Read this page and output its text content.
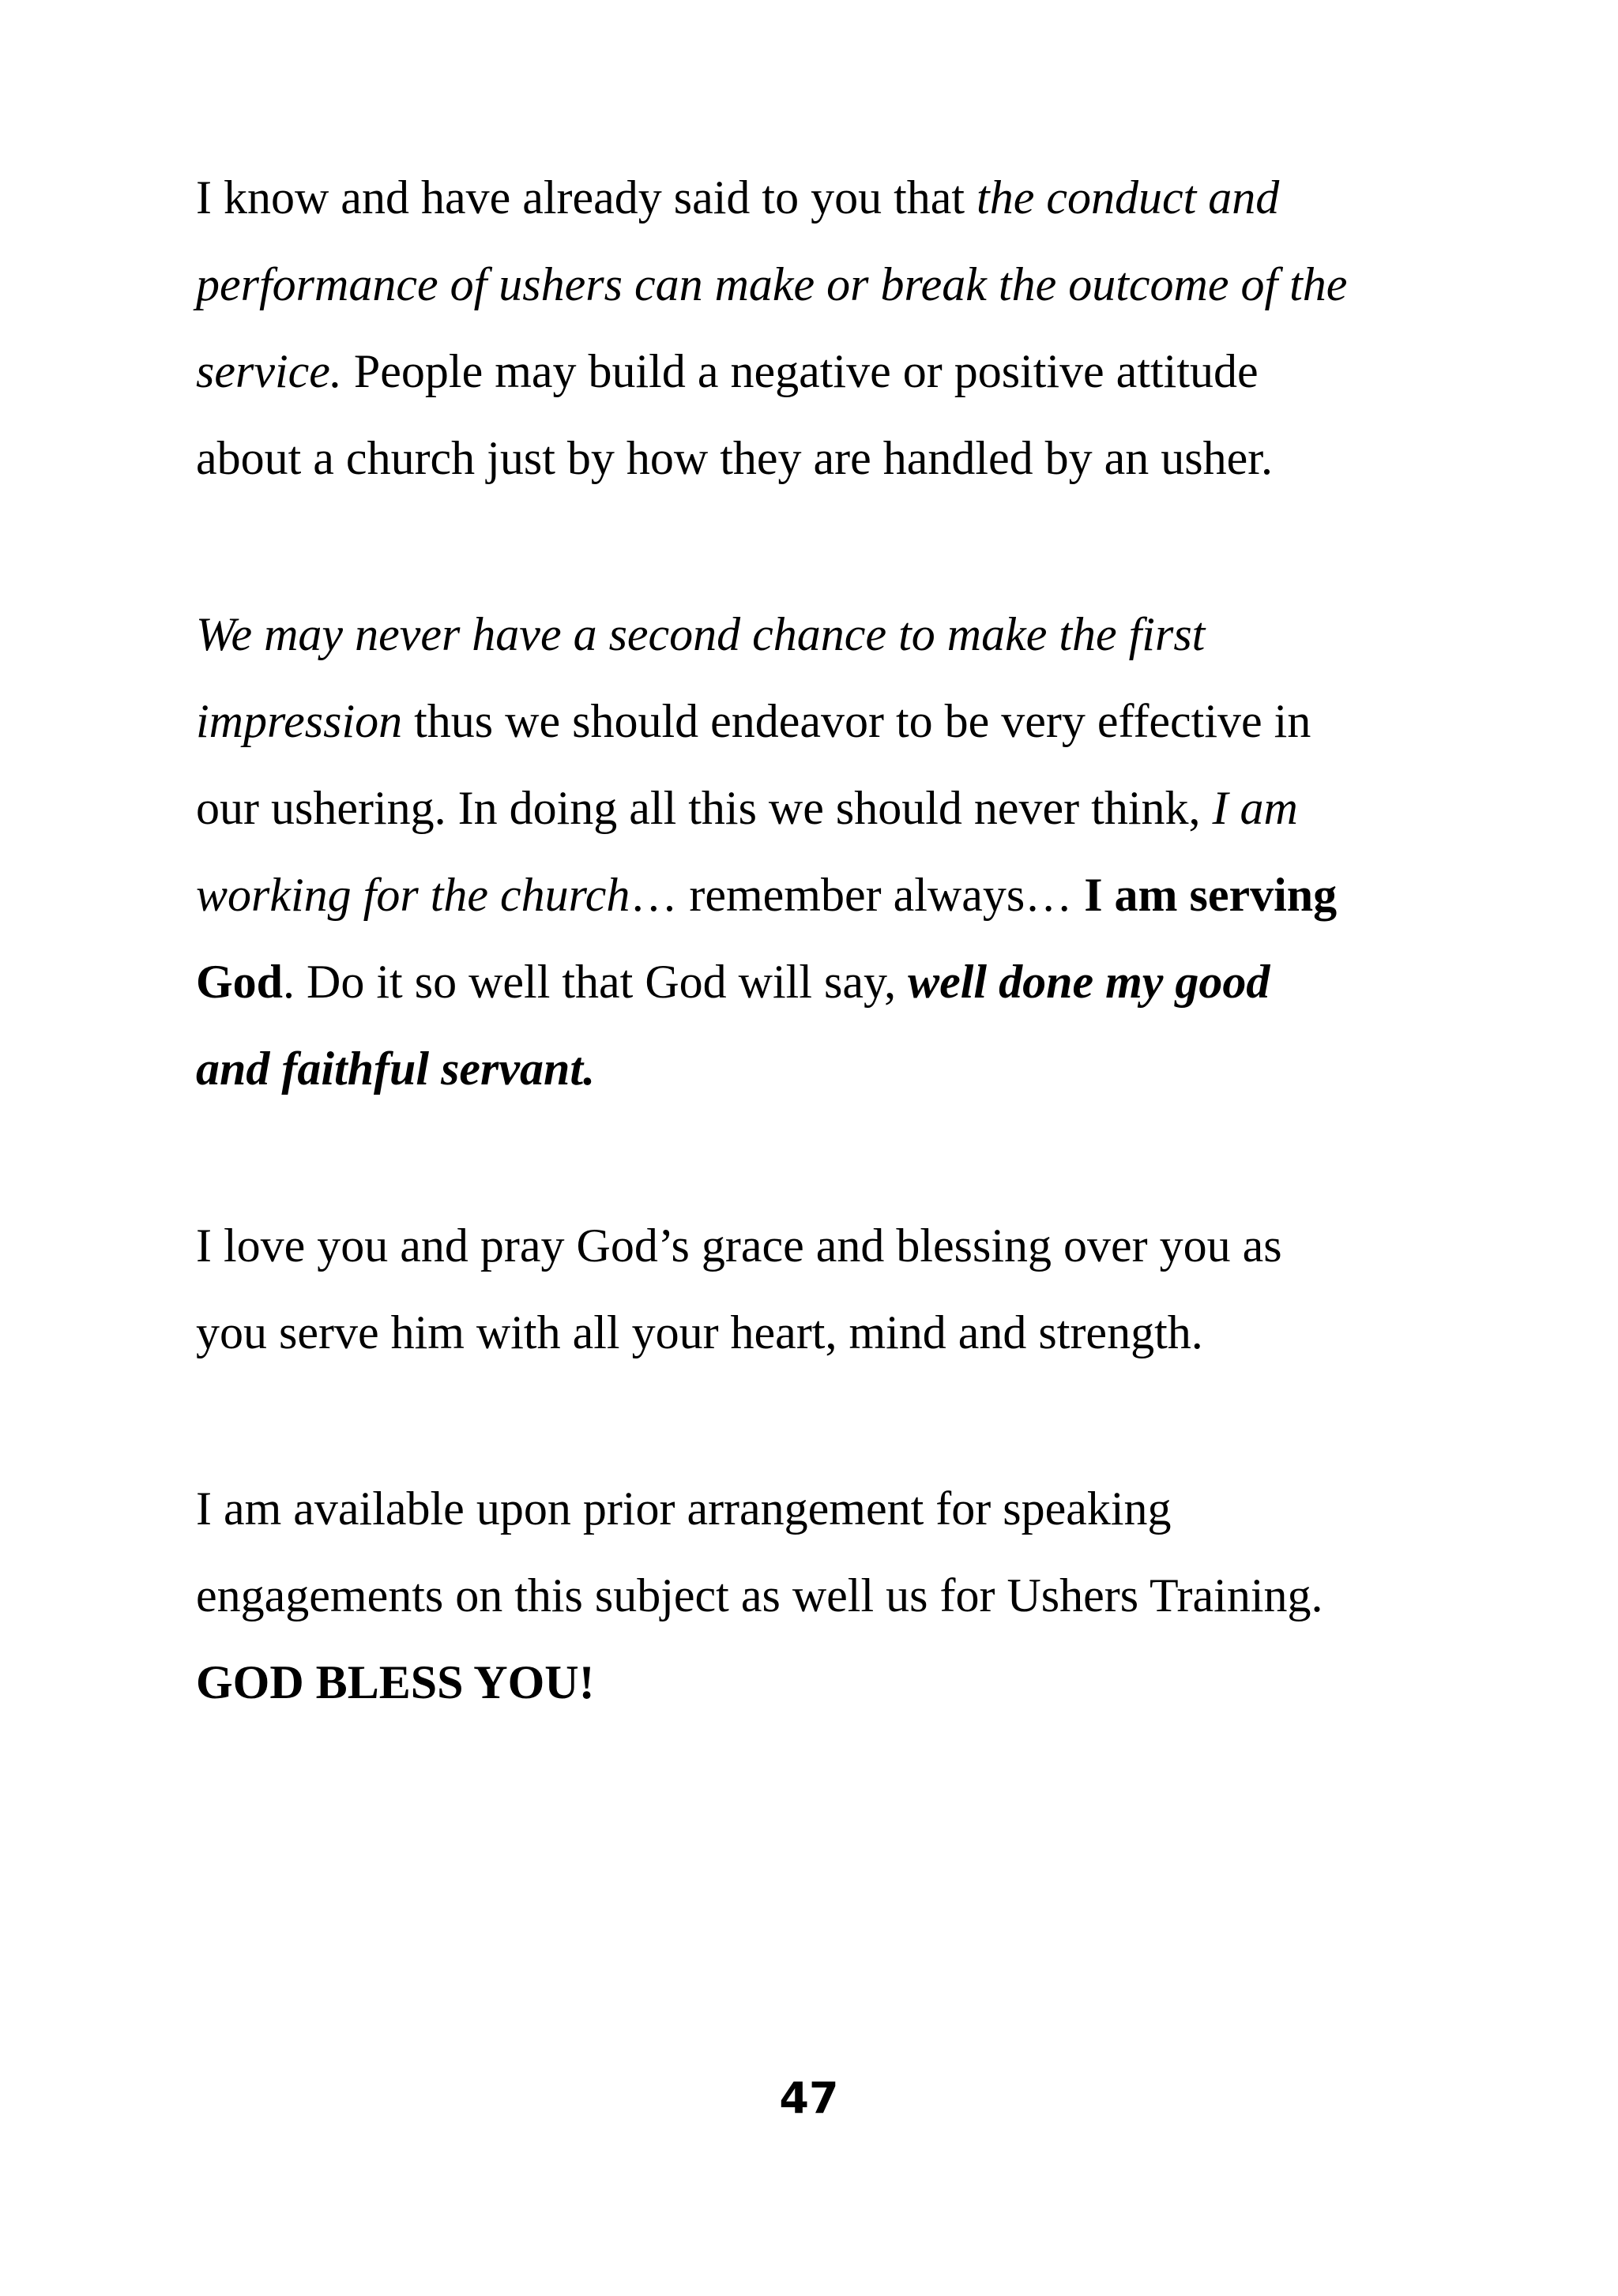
I know and have already said to you that the conduct and
performance of ushers can make or break the outcome of the
service. People may build a negative or positive attitude
about a church just by how they are handled by an usher.
We may never have a second chance to make the first
impression thus we should endeavor to be very effective in
our ushering. In doing all this we should never think, I am
working for the church… remember always… I am serving
God. Do it so well that God will say, well done my good
and faithful servant.
I love you and pray God’s grace and blessing over you as
you serve him with all your heart, mind and strength.
I am available upon prior arrangement for speaking
engagements on this subject as well us for Ushers Training.
GOD BLESS YOU!
47
